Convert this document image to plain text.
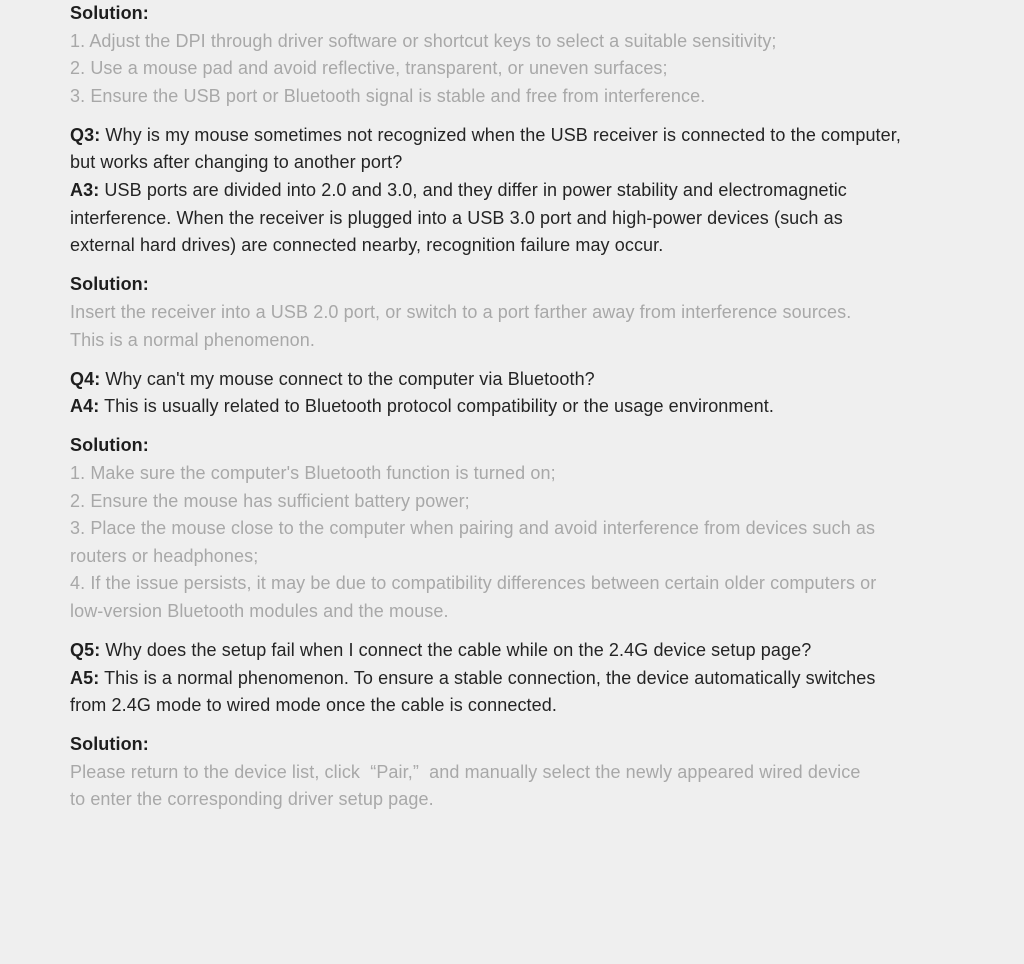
Solution:
1. Adjust the DPI through driver software or shortcut keys to select a suitable sensitivity;
2. Use a mouse pad and avoid reflective, transparent, or uneven surfaces;
3. Ensure the USB port or Bluetooth signal is stable and free from interference.
Q3: Why is my mouse sometimes not recognized when the USB receiver is connected to the computer,
but works after changing to another port?
A3: USB ports are divided into 2.0 and 3.0, and they differ in power stability and electromagnetic
interference. When the receiver is plugged into a USB 3.0 port and high-power devices (such as
external hard drives) are connected nearby, recognition failure may occur.
Solution:
Insert the receiver into a USB 2.0 port, or switch to a port farther away from interference sources.
This is a normal phenomenon.
Q4: Why can't my mouse connect to the computer via Bluetooth?
A4: This is usually related to Bluetooth protocol compatibility or the usage environment.
Solution:
1. Make sure the computer's Bluetooth function is turned on;
2. Ensure the mouse has sufficient battery power;
3. Place the mouse close to the computer when pairing and avoid interference from devices such as
routers or headphones;
4. If the issue persists, it may be due to compatibility differences between certain older computers or
low-version Bluetooth modules and the mouse.
Q5: Why does the setup fail when I connect the cable while on the 2.4G device setup page?
A5: This is a normal phenomenon. To ensure a stable connection, the device automatically switches
from 2.4G mode to wired mode once the cable is connected.
Solution:
Please return to the device list, click  “Pair,”  and manually select the newly appeared wired device
to enter the corresponding driver setup page.
